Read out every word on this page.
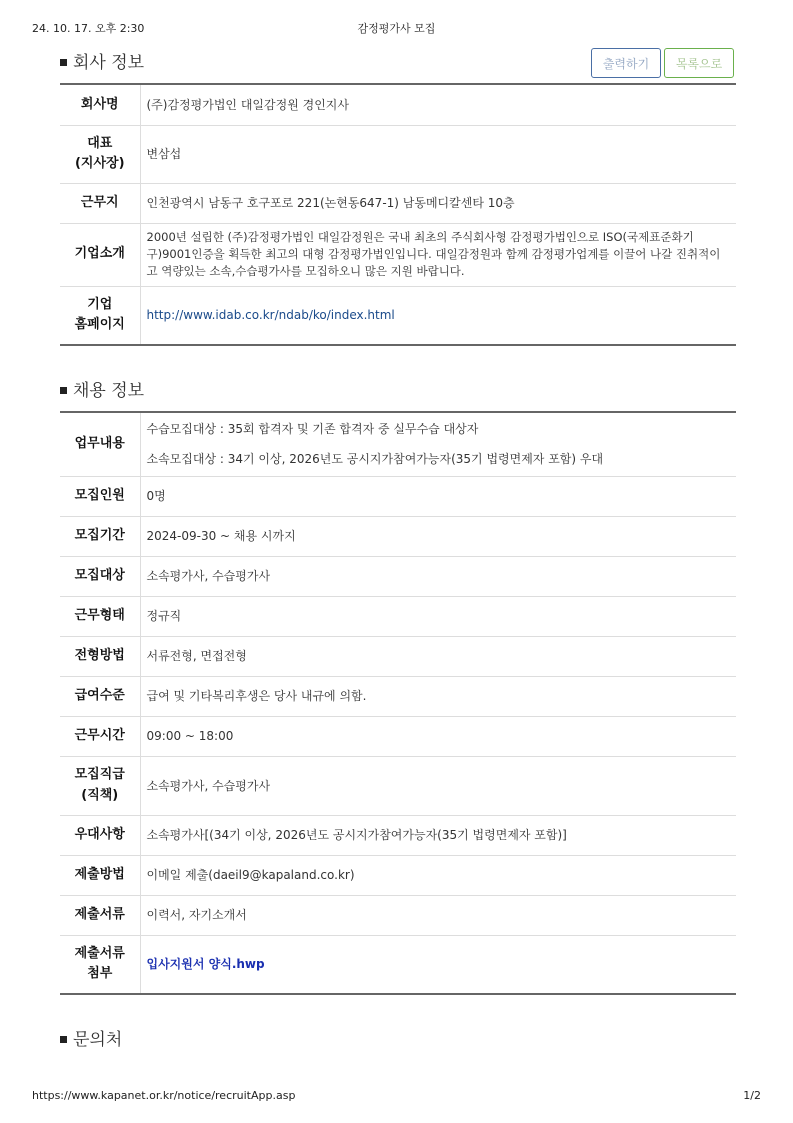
24. 10. 17. 오후 2:30	감정평가사 모집
회사 정보	출력하기	목록으로
회사명	(주)감정평가법인 대일감정원 경인지사

대표
(지사장)	변삼섭
근무지	인천광역시 남동구 호구포로 221(논현동647-1) 남동메디칼센타 10층
기업소개	2000년 설립한 (주)감정평가법인 대일감정원은 국내 최초의 주식회사형 감정평가법인으로 ISO(국제표준화기구)9001인증을 획득한 최고의 대형 감정평가법인입니다. 대일감정원과 함께 감정평가업계를 이끌어 나갈 진취적이고 역량있는 소속,수습평가사를 모집하오니 많은 지원 바랍니다.

기업
홈페이지	http://www.idab.co.kr/ndab/ko/index.html
채용 정보
업무내용	수습모집대상 : 35회 합격자 및 기존 합격자 중 실무수습 대상자
소속모집대상 : 34기 이상, 2026년도 공시지가참여가능자(35기 법령면제자 포함) 우대

모집인원	0명
모집기간	2024-09-30 ~ 채용 시까지
모집대상	소속평가사, 수습평가사
근무형태	정규직
전형방법	서류전형, 면접전형
급여수준	급여 및 기타복리후생은 당사 내규에 의함.
근무시간	09:00 ~ 18:00

모집직급
(직책)	소속평가사, 수습평가사
우대사항	소속평가사[(34기 이상, 2026년도 공시지가참여가능자(35기 법령면제자 포함)]
제출방법	이메일 제출(daeil9@kapaland.co.kr)
제출서류	이력서, 자기소개서

제출서류
첨부	입사지원서 양식.hwp
문의처
https://www.kapanet.or.kr/notice/recruitApp.asp	1/2
